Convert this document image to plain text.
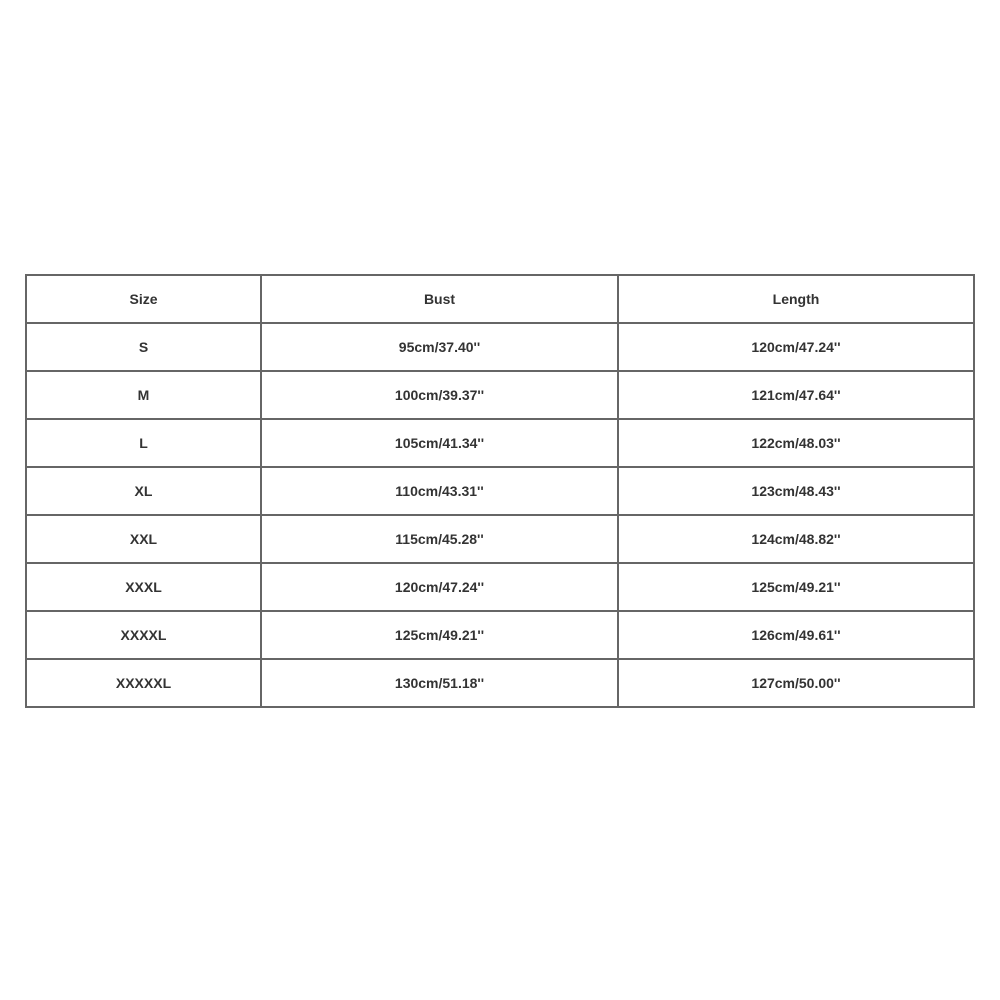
Size	Bust	Length
S	95cm/37.40''	120cm/47.24''
M	100cm/39.37''	121cm/47.64''
L	105cm/41.34''	122cm/48.03''
XL	110cm/43.31''	123cm/48.43''
XXL	115cm/45.28''	124cm/48.82''
XXXL	120cm/47.24''	125cm/49.21''
XXXXL	125cm/49.21''	126cm/49.61''
XXXXXL	130cm/51.18''	127cm/50.00''
